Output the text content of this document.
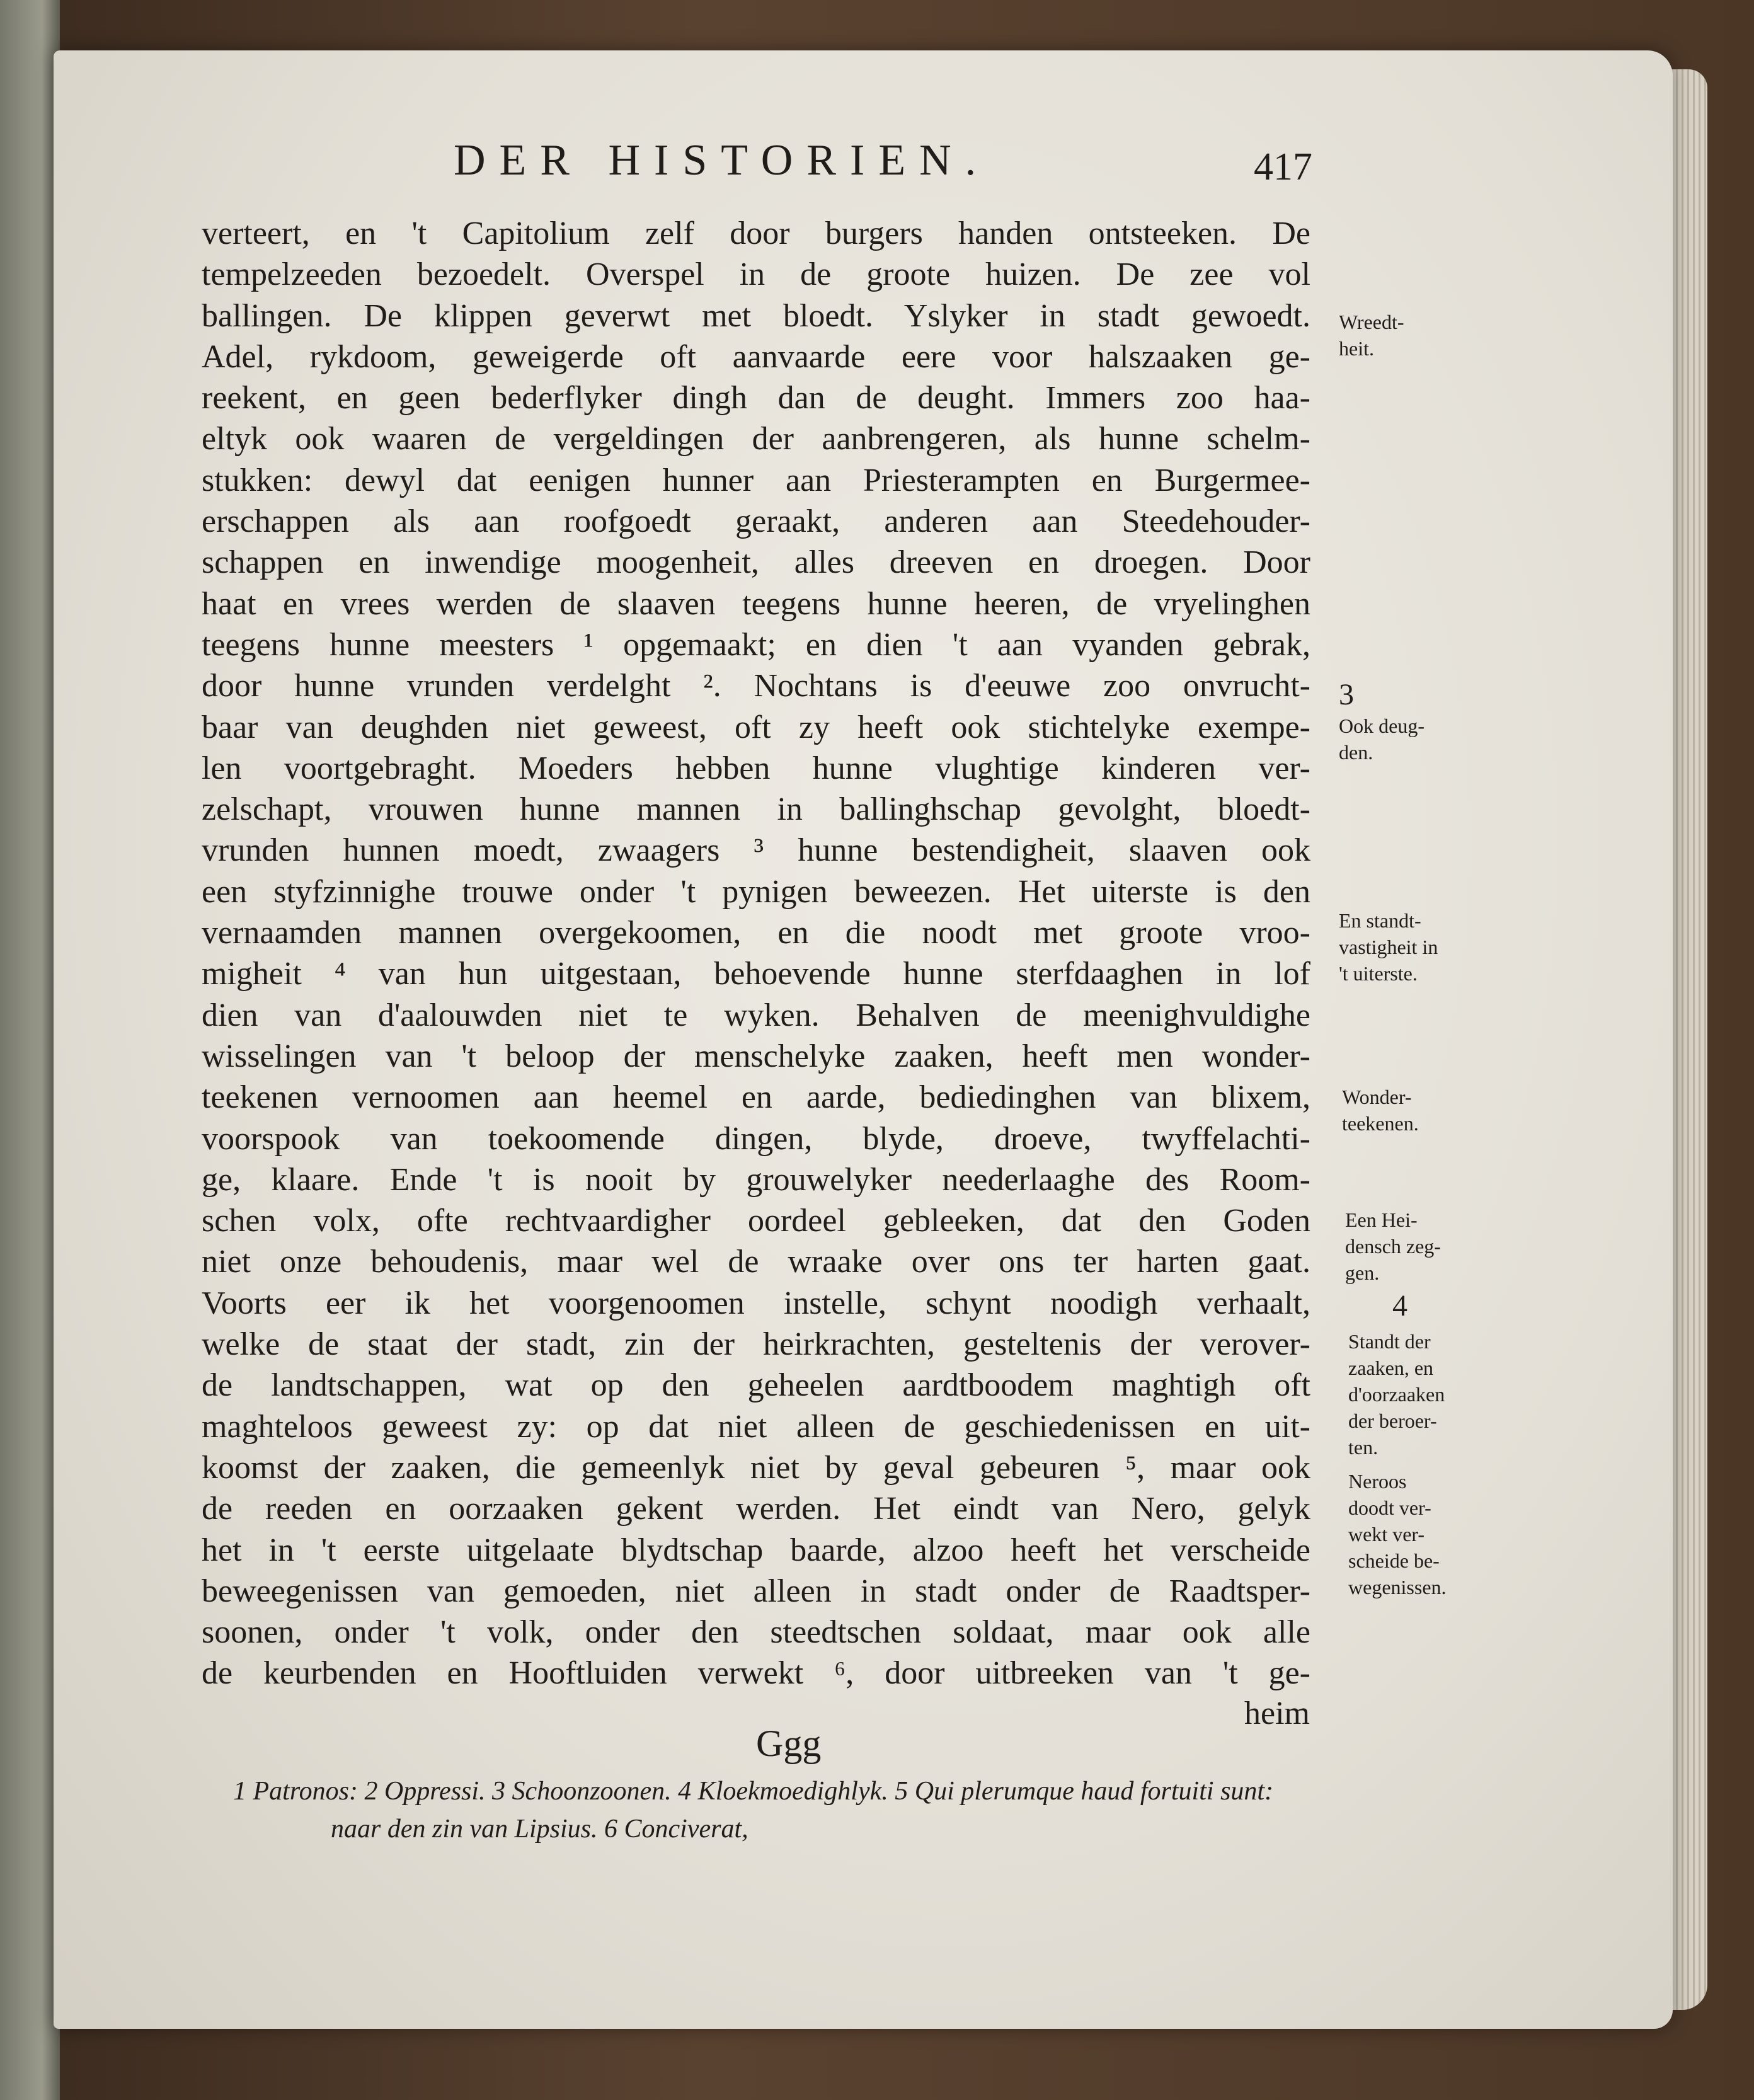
DER HISTORIEN.	417
verteert, en 't Capitolium zelf door burgers handen ontsteeken. De
tempelzeeden bezoedelt. Overspel in de groote huizen. De zee vol
ballingen. De klippen geverwt met bloedt. Yslyker in stadt gewoedt.
Adel, rykdoom, geweigerde oft aanvaarde eere voor halszaaken ge-
reekent, en geen bederflyker dingh dan de deught. Immers zoo haa-
eltyk ook waaren de vergeldingen der aanbrengeren, als hunne schelm-
stukken: dewyl dat eenigen hunner aan Priesterampten en Burgermee-
erschappen als aan roofgoedt geraakt, anderen aan Steedehouder-
schappen en inwendige moogenheit, alles dreeven en droegen. Door
haat en vrees werden de slaaven teegens hunne heeren, de vryelinghen
teegens hunne meesters ¹ opgemaakt; en dien 't aan vyanden gebrak,
door hunne vrunden verdelght ². Nochtans is d'eeuwe zoo onvrucht-
baar van deughden niet geweest, oft zy heeft ook stichtelyke exempe-
len voortgebraght. Moeders hebben hunne vlughtige kinderen ver-
zelschapt, vrouwen hunne mannen in ballinghschap gevolght, bloedt-
vrunden hunnen moedt, zwaagers ³ hunne bestendigheit, slaaven ook
een styfzinnighe trouwe onder 't pynigen beweezen. Het uiterste is den
vernaamden mannen overgekoomen, en die noodt met groote vroo-
migheit ⁴ van hun uitgestaan, behoevende hunne sterfdaaghen in lof
dien van d'aalouwden niet te wyken. Behalven de meenighvuldighe
wisselingen van 't beloop der menschelyke zaaken, heeft men wonder-
teekenen vernoomen aan heemel en aarde, bediedinghen van blixem,
voorspook van toekoomende dingen, blyde, droeve, twyffelachti-
ge, klaare. Ende 't is nooit by grouwelyker neederlaaghe des Room-
schen volx, ofte rechtvaardigher oordeel gebleeken, dat den Goden
niet onze behoudenis, maar wel de wraake over ons ter harten gaat.
Voorts eer ik het voorgenoomen instelle, schynt noodigh verhaalt,
welke de staat der stadt, zin der heirkrachten, gesteltenis der verover-
de landtschappen, wat op den geheelen aardtboodem maghtigh oft
maghteloos geweest zy: op dat niet alleen de geschiedenissen en uit-
koomst der zaaken, die gemeenlyk niet by geval gebeuren ⁵, maar ook
de reeden en oorzaaken gekent werden. Het eindt van Nero, gelyk
het in 't eerste uitgelaate blydtschap baarde, alzoo heeft het verscheide
beweegenissen van gemoeden, niet alleen in stadt onder de Raadtsper-
soonen, onder 't volk, onder den steedtschen soldaat, maar ook alle
de keurbenden en Hooftluiden verwekt ⁶, door uitbreeken van 't ge-
heim
Ggg
Wreedt-
heit.
3
Ook deug-
den.
En standt-
vastigheit in
't uiterste.
Wonder-
teekenen.
Een Hei-
densch zeg-
gen.
4
Standt der
zaaken, en
d'oorzaaken
der beroer-
ten.
Neroos
doodt ver-
wekt ver-
scheide be-
wegenissen.
1 Patronos: 2 Oppressi. 3 Schoonzoonen. 4 Kloekmoedighlyk. 5 Qui plerumque haud fortuiti sunt:
naar den zin van Lipsius. 6 Conciverat,
